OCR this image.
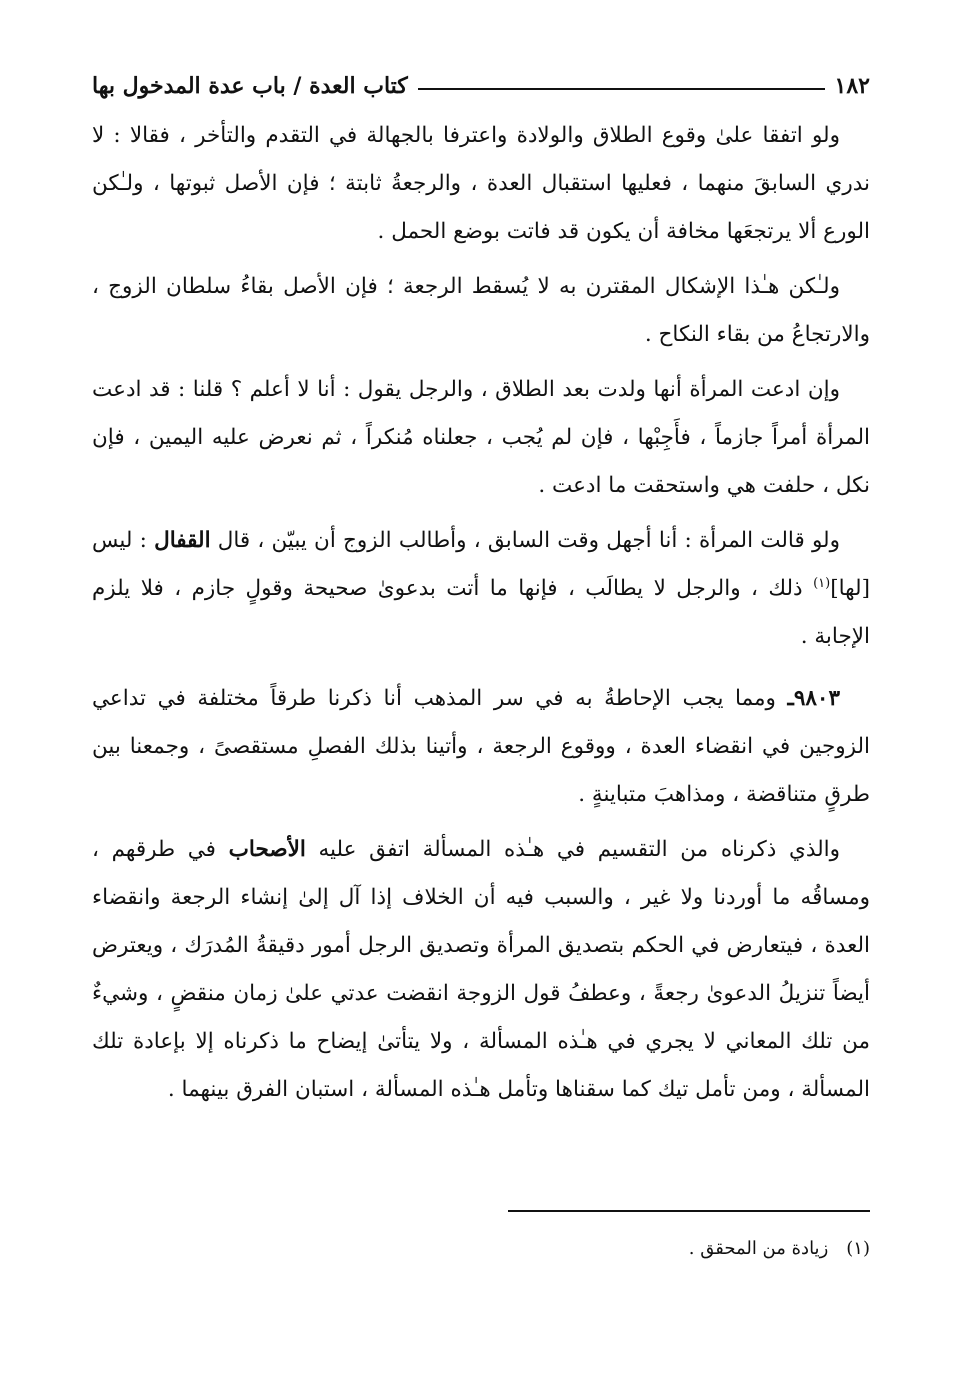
١٨٢
كتاب العدة / باب عدة المدخول بها

ولو اتفقا علىٰ وقوع الطلاق والولادة واعترفا بالجهالة في التقدم والتأخر ، فقالا : لا ندري السابقَ منهما ، فعليها استقبال العدة ، والرجعةُ ثابتة ؛ فإن الأصل ثبوتها ، ولـٰكن الورع ألا يرتجعَها مخافة أن يكون قد فاتت بوضع الحمل .

ولـٰكن هـٰذا الإشكال المقترن به لا يُسقط الرجعة ؛ فإن الأصل بقاءُ سلطان الزوج ، والارتجاعُ من بقاء النكاح .

وإن ادعت المرأة أنها ولدت بعد الطلاق ، والرجل يقول : أنا لا أعلم ؟ قلنا : قد ادعت المرأة أمراً جازماً ، فأَجِبْها ، فإن لم يُجب ، جعلناه مُنكراً ، ثم نعرض عليه اليمين ، فإن نكل ، حلفت هي واستحقت ما ادعت .

ولو قالت المرأة : أنا أجهل وقت السابق ، وأطالب الزوج أن يبيّن ، قال القفال : ليس [لها]$^{(١)}$ ذلك ، والرجل لا يطالَب ، فإنها ما أتت بدعوىٰ صحيحة وقولٍ جازم ، فلا يلزم الإجابة .

٩٨٠٣ـ ومما يجب الإحاطةُ به في سر المذهب أنا ذكرنا طرقاً مختلفة في تداعي الزوجين في انقضاء العدة ، ووقوع الرجعة ، وأتينا بذلك الفصلِ مستقصىً ، وجمعنا بين طرقٍ متناقضة ، ومذاهبَ متباينةٍ .

والذي ذكرناه من التقسيم في هـٰذه المسألة اتفق عليه الأصحاب في طرقهم ، ومساقُه ما أوردنا ولا غير ، والسبب فيه أن الخلاف إذا آل إلىٰ إنشاء الرجعة وانقضاء العدة ، فيتعارض في الحكم بتصديق المرأة وتصديق الرجل أمور دقيقةُ المُدرَك ، ويعترض أيضاً تنزيلُ الدعوىٰ رجعةً ، وعطفُ قول الزوجة انقضت عدتي علىٰ زمان منقضٍ ، وشيءٌ من تلك المعاني لا يجري في هـٰذه المسألة ، ولا يتأتىٰ إيضاح ما ذكرناه إلا بإعادة تلك المسألة ، ومن تأمل تيك كما سقناها وتأمل هـٰذه المسألة ، استبان الفرق بينهما .

(١)زيادة من المحقق .
